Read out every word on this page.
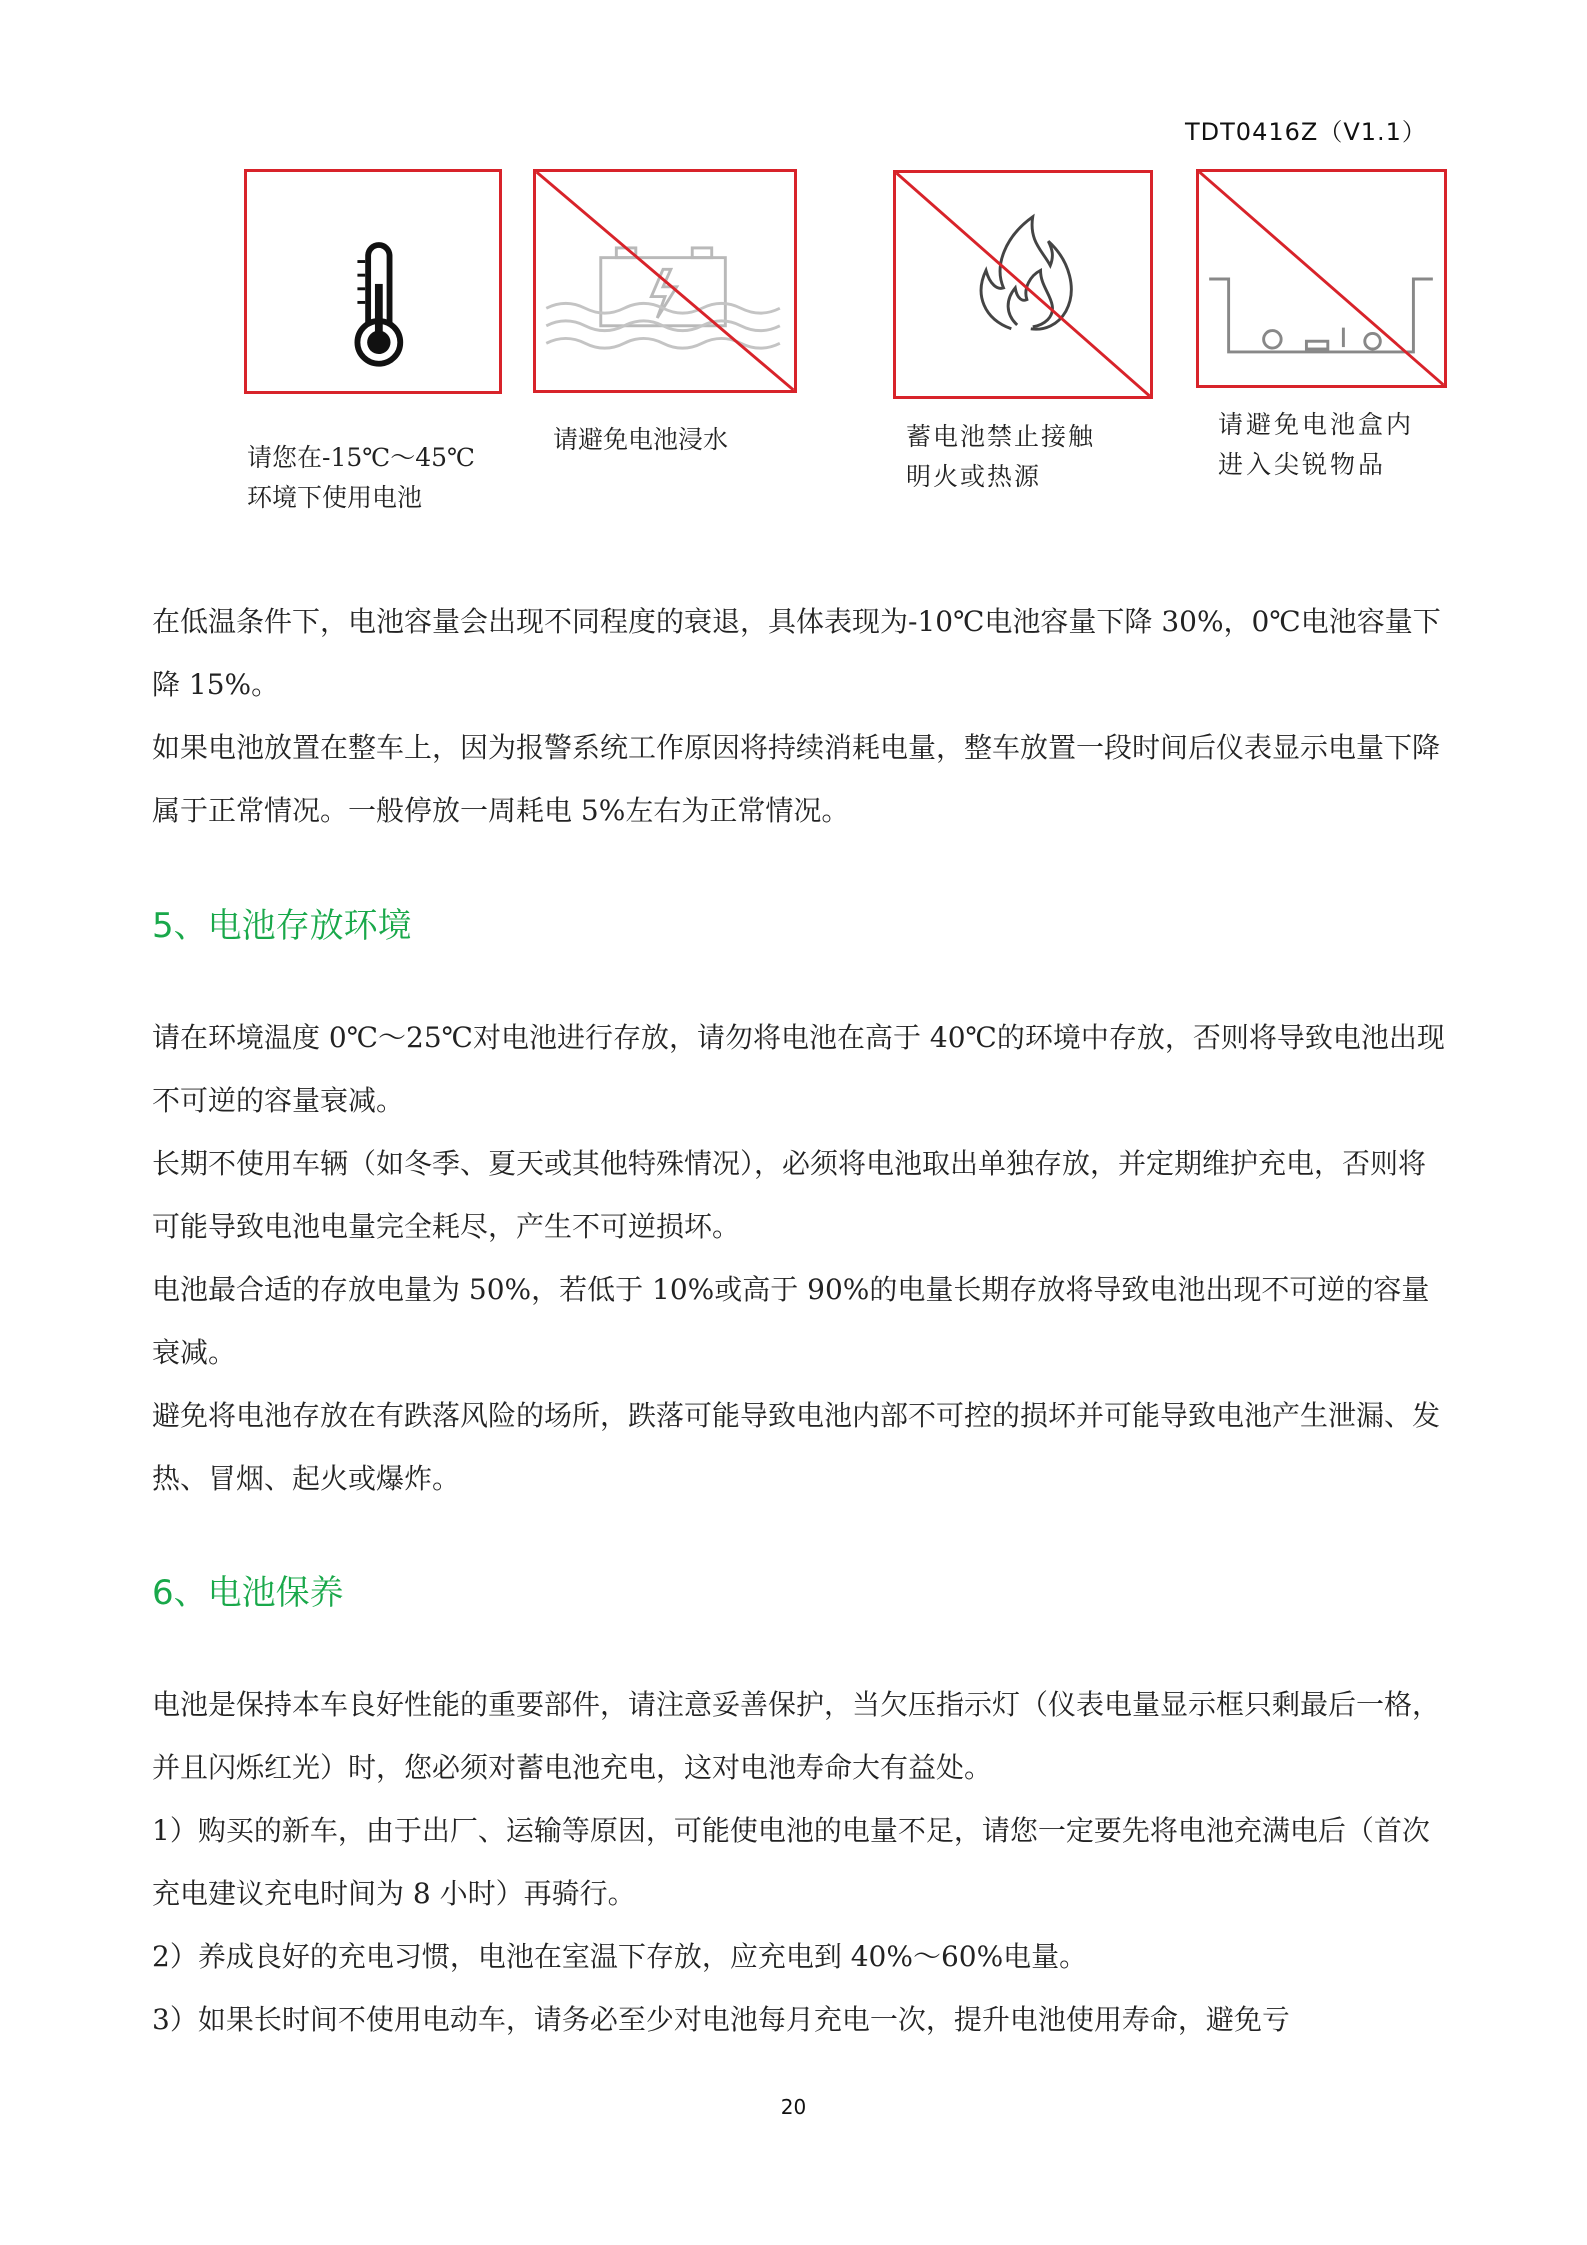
TDT0416Z（V1.1）
请您在-15℃～45℃
环境下使用电池
请避免电池浸水	蓄电池禁止接触
明火或热源
请避免电池盒内
进入尖锐物品

在低温条件下，电池容量会出现不同程度的衰退，具体表现为-10℃电池容量下降 30%，0℃电池容量下降 15%。

如果电池放置在整车上，因为报警系统工作原因将持续消耗电量，整车放置一段时间后仪表显示电量下降属于正常情况。一般停放一周耗电 5%左右为正常情况。

5、电池存放环境

请在环境温度 0℃～25℃对电池进行存放，请勿将电池在高于 40℃的环境中存放，否则将导致电池出现不可逆的容量衰减。

长期不使用车辆（如冬季、夏天或其他特殊情况），必须将电池取出单独存放，并定期维护充电，否则将可能导致电池电量完全耗尽，产生不可逆损坏。

电池最合适的存放电量为 50%，若低于 10%或高于 90%的电量长期存放将导致电池出现不可逆的容量衰减。

避免将电池存放在有跌落风险的场所，跌落可能导致电池内部不可控的损坏并可能导致电池产生泄漏、发热、冒烟、起火或爆炸。

6、电池保养

电池是保持本车良好性能的重要部件，请注意妥善保护，当欠压指示灯（仪表电量显示框只剩最后一格，并且闪烁红光）时，您必须对蓄电池充电，这对电池寿命大有益处。

1）购买的新车，由于出厂、运输等原因，可能使电池的电量不足，请您一定要先将电池充满电后（首次充电建议充电时间为 8 小时）再骑行。

2）养成良好的充电习惯，电池在室温下存放，应充电到 40%～60%电量。

3）如果长时间不使用电动车，请务必至少对电池每月充电一次，提升电池使用寿命，避免亏

20
